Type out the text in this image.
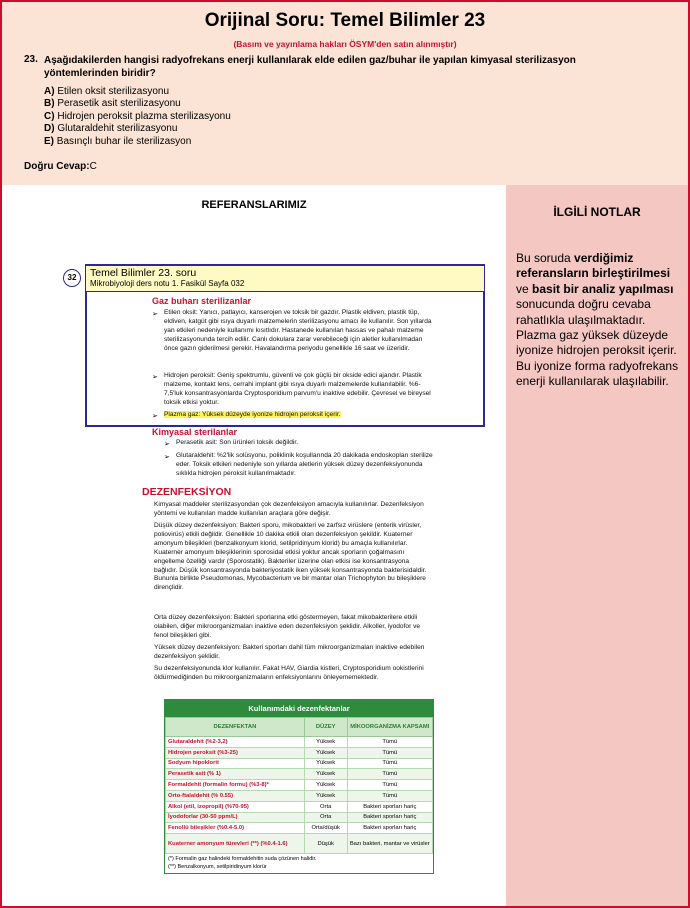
Orijinal Soru: Temel Bilimler 23
(Basım ve yayınlama hakları ÖSYM'den satın alınmıştır)
23. Aşağıdakilerden hangisi radyofrekans enerji kullanılarak elde edilen gaz/buhar ile yapılan kimyasal sterilizasyon yöntemlerinden biridir?
A) Etilen oksit sterilizasyonu
B) Perasetik asit sterilizasyonu
C) Hidrojen peroksit plazma sterilizasyonu
D) Glutaraldehit sterilizasyonu
E) Basınçlı buhar ile sterilizasyon
Doğru Cevap:C
REFERANSLARIMIZ
32	Temel Bilimler 23. soru
Mikrobiyoloji ders notu 1. Fasikül Sayfa 032
Gaz buharı sterilizanlar
➢ Etilen oksit: Yanıcı, patlayıcı, kanserojen ve toksik bir gazdır. Plastik eldiven, plastik tüp, eldiven, katgüt gibi ısıya duyarlı malzemelerin sterilizasyonu amacı ile kullanılır. Son yıllarda yan etkileri nedeniyle kullanımı kısıtlıdır. Hastanede kullanılan hassas ve pahalı malzeme sterilizasyonunda tercih edilir. Canlı dokulara zarar verebileceği için aletler kullanılmadan önce gazın giderilmesi gerekir. Havalandırma periyodu genellikle 16 saat ve üzeridir.
➢ Hidrojen peroksit: Geniş spektrumlu, güvenli ve çok güçlü bir okside edici ajandır. Plastik malzeme, kontakt lens, cerrahi implant gibi ısıya duyarlı malzemelerde kullanılabilir. %6-7,5'luk konsantrasyonlarda Cryptosporidium parvum'u inaktive edebilir. Çevresel ve bireysel toksik etkisi yoktur.
➢ Plazma gaz: Yüksek düzeyde iyonize hidrojen peroksit içerir.
Kimyasal sterilanlar
➢ Perasetik asit: Son ürünleri toksik değildir.
➢ Glutaraldehit: %2'lik solüsyonu, poliklinik koşullarında 20 dakikada endoskopları sterilize eder. Toksik etkileri nedeniyle son yıllarda aletlerin yüksek düzey dezenfeksiyonunda sıklıkla hidrojen peroksit kullanılmaktadır.
DEZENFEKSİYON
Kimyasal maddeler sterilizasyondan çok dezenfeksiyon amacıyla kullanılırlar. Dezenfeksiyon yöntemi ve kullanılan madde kullanılan araçlara göre değişir.
Düşük düzey dezenfeksiyon: Bakteri sporu, mikobakteri ve zarfsız virüslere (enterik virüsler, poliovirüs) etkili değildir. Genellikle 10 dakika etkili olan dezenfeksiyon şekildir. Kuaterner amonyum bileşikleri (benzalkonyum klorid, setilpridinyum klorid) bu amaçla kullanılırlar. Kuaterner amonyum bileşiklerinin sporosidal etkisi yoktur ancak sporların çoğalmasını engelleme özelliği vardır (Sporostatik). Bakteriler üzerine olan etkisi ise konsantrasyona bağlıdır. Düşük konsantrasyonda bakteriyostatik iken yüksek konsantrasyonda bakterisidaldir. Bununla birlikte Pseudomonas, Mycobacterium ve bir mantar olan Trichophyton bu bileşiklere dirençlidir.
Orta düzey dezenfeksiyon: Bakteri sporlarına etki göstermeyen, fakat mikobakterilere etkili olabilen, diğer mikroorganizmaları inaktive eden dezenfeksiyon şeklidir. Alkoller, iyodofor ve fenol bileşikleri gibi.
Yüksek düzey dezenfeksiyon: Bakteri sporları dahil tüm mikroorganizmaları inaktive edebilen dezenfeksiyon şeklidir.
Su dezenfeksiyonunda klor kullanılır. Fakat HAV, Giardia kistleri, Cryptosporidium ookistlerini öldürmediğinden bu mikroorganizmaların enfeksiyonlarını önleyememektedir.
Kullanımdaki dezenfektanlar
DEZENFEKTAN	DÜZEY	MİKOORGANİZMA KAPSAMI
Glutaraldehit (%2-3,2)	Yüksek	Tümü
Hidrojen peroksit (%3-25)	Yüksek	Tümü
Sodyum hipoklorit	Yüksek	Tümü
Perasetik asit (% 1)	Yüksek	Tümü
Formaldehit (formalin formu) (%3-8)*	Yüksek	Tümü
Orto-ftalaldehit (% 0.55)	Yüksek	Tümü
Alkol (etil, izopropil) (%70-95)	Orta	Bakteri sporları hariç
İyodoforlar (30-50 ppm/L)	Orta	Bakteri sporları hariç
Fenollü bileşikler (%0.4-5.0)	Orta/düşük	Bakteri sporları hariç
Kuaterner amonyum türevleri (**) (%0.4-1.6)	Düşük	Bazı bakteri, mantar ve virüsler
(*) Formalin gaz halindeki formaldehitin suda çözünen halidir.
(**) Benzalkonyum, setilpiridinyum klorür
İLGİLİ NOTLAR
Bu soruda verdiğimiz referansların birleştirilmesi ve basit bir analiz yapılması sonucunda doğru cevaba rahatlıkla ulaşılmaktadır. Plazma gaz yüksek düzeyde iyonize hidrojen peroksit içerir. Bu iyonize forma radyofrekans enerji kullanılarak ulaşılabilir.
